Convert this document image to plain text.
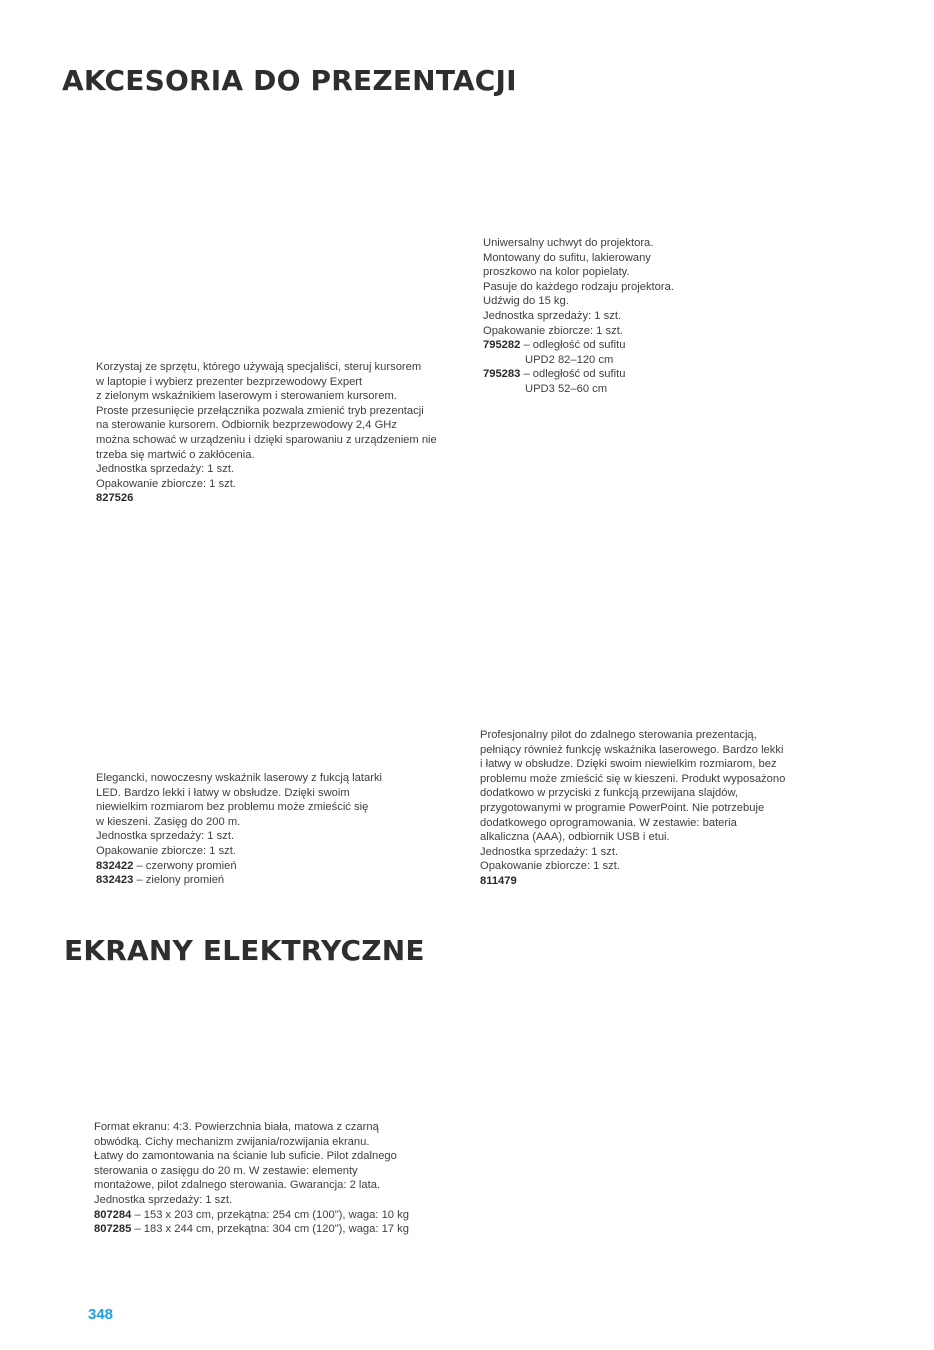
AKCESORIA DO PREZENTACJI

Uniwersalny uchwyt do projektora.

Montowany do sufitu, lakierowany

proszkowo na kolor popielaty.

Pasuje do każdego rodzaju projektora.

Udźwig do 15 kg.

Jednostka sprzedaży: 1 szt.

Opakowanie zbiorcze: 1 szt.

795282 – odległość od sufitu
UPD2 82–120 cm
795283 – odległość od sufitu
UPD3 52–60 cm

Korzystaj ze sprzętu, którego używają specjaliści, steruj kursorem

w laptopie i wybierz prezenter bezprzewodowy Expert

z zielonym wskaźnikiem laserowym i sterowaniem kursorem.

Proste przesunięcie przełącznika pozwala zmienić tryb prezentacji

na sterowanie kursorem. Odbiornik bezprzewodowy 2,4 GHz

można schować w urządzeniu i dzięki sparowaniu z urządzeniem nie

trzeba się martwić o zakłócenia.

Jednostka sprzedaży: 1 szt.

Opakowanie zbiorcze: 1 szt.

827526

Elegancki, nowoczesny wskaźnik laserowy z fukcją latarki

LED. Bardzo lekki i łatwy w obsłudze. Dzięki swoim

niewielkim rozmiarom bez problemu może zmieścić się

w kieszeni. Zasięg do 200 m.

Jednostka sprzedaży: 1 szt.

Opakowanie zbiorcze: 1 szt.

832422 – czerwony promień

832423 – zielony promień

Profesjonalny pilot do zdalnego sterowania prezentacją,

pełniący również funkcję wskaźnika laserowego. Bardzo lekki

i łatwy w obsłudze. Dzięki swoim niewielkim rozmiarom, bez

problemu może zmieścić się w kieszeni. Produkt wyposażono

dodatkowo w przyciski z funkcją przewijana slajdów,

przygotowanymi w programie PowerPoint. Nie potrzebuje

dodatkowego oprogramowania. W zestawie: bateria

alkaliczna (AAA), odbiornik USB i etui.

Jednostka sprzedaży: 1 szt.

Opakowanie zbiorcze: 1 szt.

811479

EKRANY ELEKTRYCZNE

Format ekranu: 4:3. Powierzchnia biała, matowa z czarną

obwódką. Cichy mechanizm zwijania/rozwijania ekranu.

Łatwy do zamontowania na ścianie lub suficie. Pilot zdalnego

sterowania o zasięgu do 20 m. W zestawie: elementy

montażowe, pilot zdalnego sterowania. Gwarancja: 2 lata.

Jednostka sprzedaży: 1 szt.

807284 – 153 x 203 cm, przekątna: 254 cm (100"), waga: 10 kg

807285 – 183 x 244 cm, przekątna: 304 cm (120"), waga: 17 kg

348
